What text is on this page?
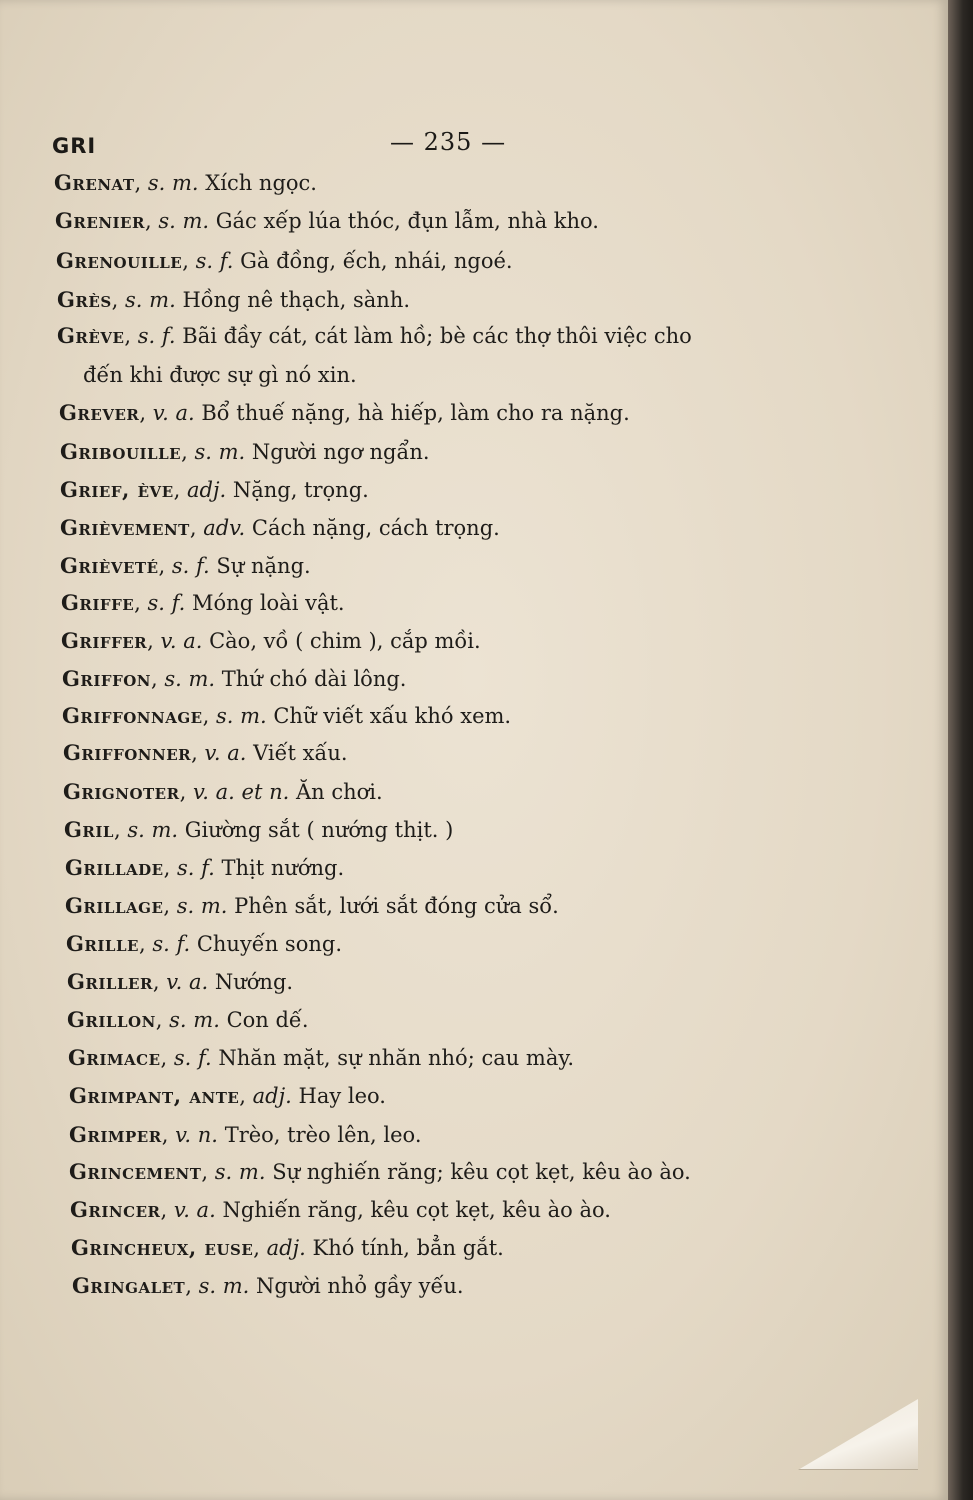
GRI	— 235 —
Grenat, s. m. Xích ngọc.
Grenier, s. m. Gác xếp lúa thóc, đụn lẫm, nhà kho.
Grenouille, s. f. Gà đồng, ếch, nhái, ngoé.
Grès, s. m. Hồng nê thạch, sành.
Grève, s. f. Bãi đầy cát, cát làm hồ; bè các thợ thôi việc cho
đến khi được sự gì nó xin.
Grever, v. a. Bổ thuế nặng, hà hiếp, làm cho ra nặng.
Gribouille, s. m. Người ngơ ngẩn.
Grief, ève, adj. Nặng, trọng.
Grièvement, adv. Cách nặng, cách trọng.
Grièveté, s. f. Sự nặng.
Griffe, s. f. Móng loài vật.
Griffer, v. a. Cào, vồ ( chim ), cắp mồi.
Griffon, s. m. Thứ chó dài lông.
Griffonnage, s. m. Chữ viết xấu khó xem.
Griffonner, v. a. Viết xấu.
Grignoter, v. a. et n. Ăn chơi.
Gril, s. m. Giường sắt ( nướng thịt. )
Grillade, s. f. Thịt nướng.
Grillage, s. m. Phên sắt, lưới sắt đóng cửa sổ.
Grille, s. f. Chuyến song.
Griller, v. a. Nướng.
Grillon, s. m. Con dế.
Grimace, s. f. Nhăn mặt, sự nhăn nhó; cau mày.
Grimpant, ante, adj. Hay leo.
Grimper, v. n. Trèo, trèo lên, leo.
Grincement, s. m. Sự nghiến răng; kêu cọt kẹt, kêu ào ào.
Grincer, v. a. Nghiến răng, kêu cọt kẹt, kêu ào ào.
Grincheux, euse, adj. Khó tính, bẳn gắt.
Gringalet, s. m. Người nhỏ gầy yếu.
